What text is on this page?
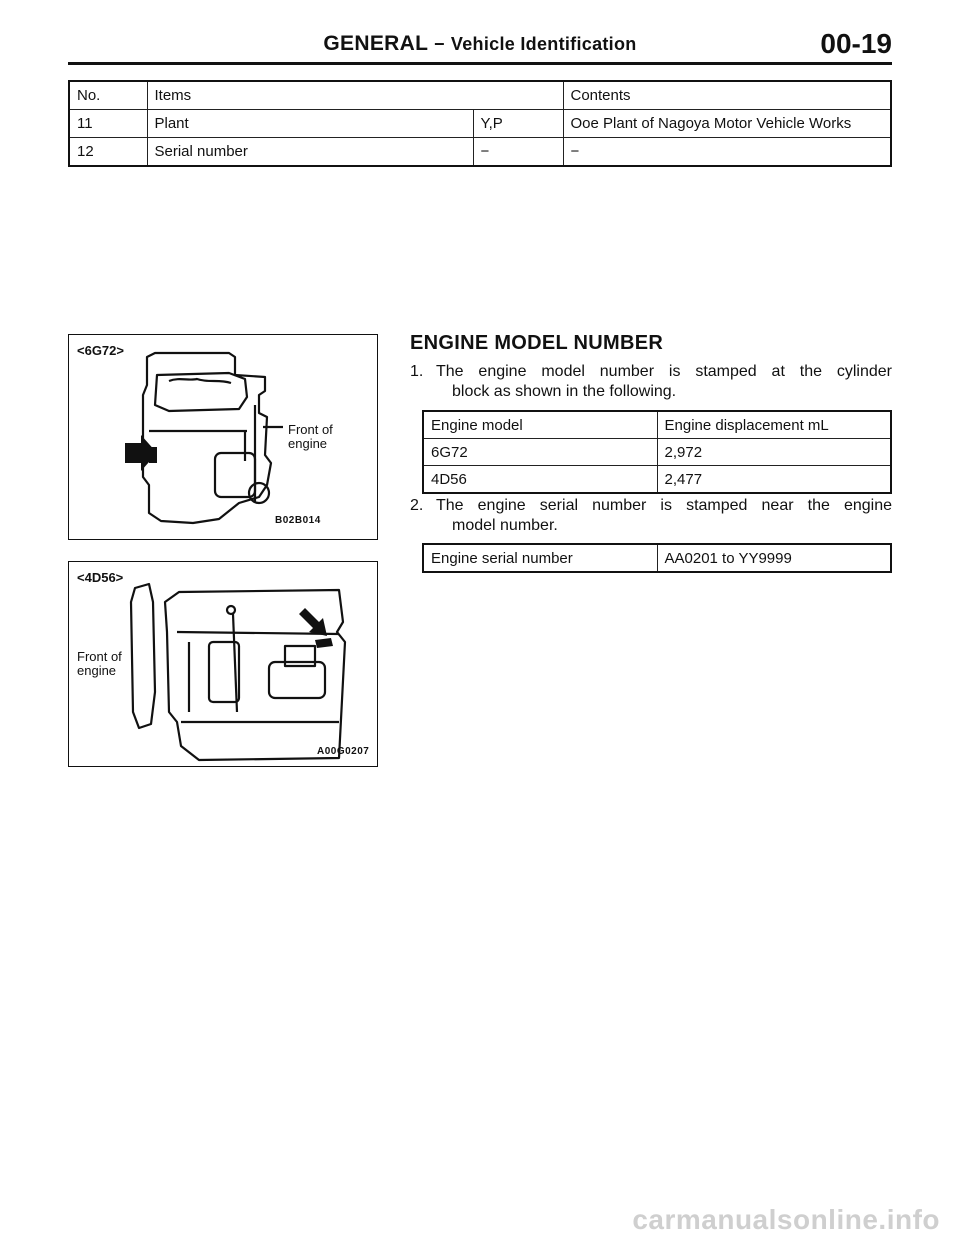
GENERAL − Vehicle Identification	00-19
No.	Items		Contents
11	Plant	Y,P	Ooe Plant of Nagoya Motor Vehicle Works
12	Serial number	−	−
<6G72>
Front of
engine
B02B014
<4D56>
Front of
engine
A00G0207
ENGINE MODEL NUMBER
1. The engine model number is stamped at the cylinder
block as shown in the following.
Engine model	Engine displacement mL
6G72	2,972
4D56	2,477
2. The engine serial number is stamped near the engine
model number.
Engine serial number	AA0201 to YY9999
carmanualsonline.info
